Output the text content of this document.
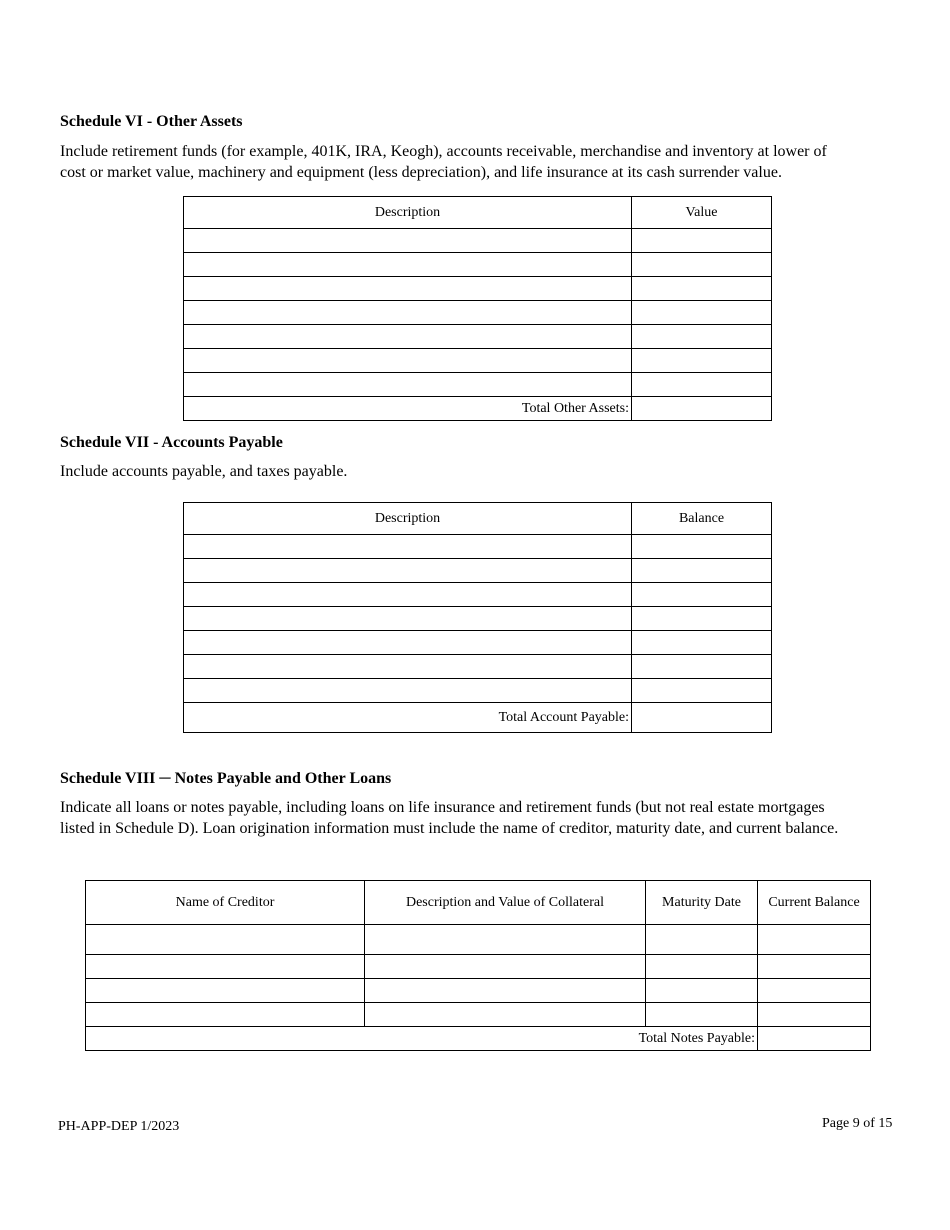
Schedule VI - Other Assets
Include retirement funds (for example, 401K, IRA, Keogh), accounts receivable, merchandise and inventory at lower of
cost or market value, machinery and equipment (less depreciation), and life insurance at its cash surrender value.
Description	Value

Total Other Assets:	
Schedule VII - Accounts Payable
Include accounts payable, and taxes payable.
Description	Balance

Total Account Payable:	
Schedule VIII ─ Notes Payable and Other Loans
Indicate all loans or notes payable, including loans on life insurance and retirement funds (but not real estate mortgages
listed in Schedule D). Loan origination information must include the name of creditor, maturity date, and current balance.
Name of Creditor	Description and Value of Collateral	Maturity Date	Current Balance

Total Notes Payable:			
PH-APP-DEP 1/2023	Page 9 of 15
